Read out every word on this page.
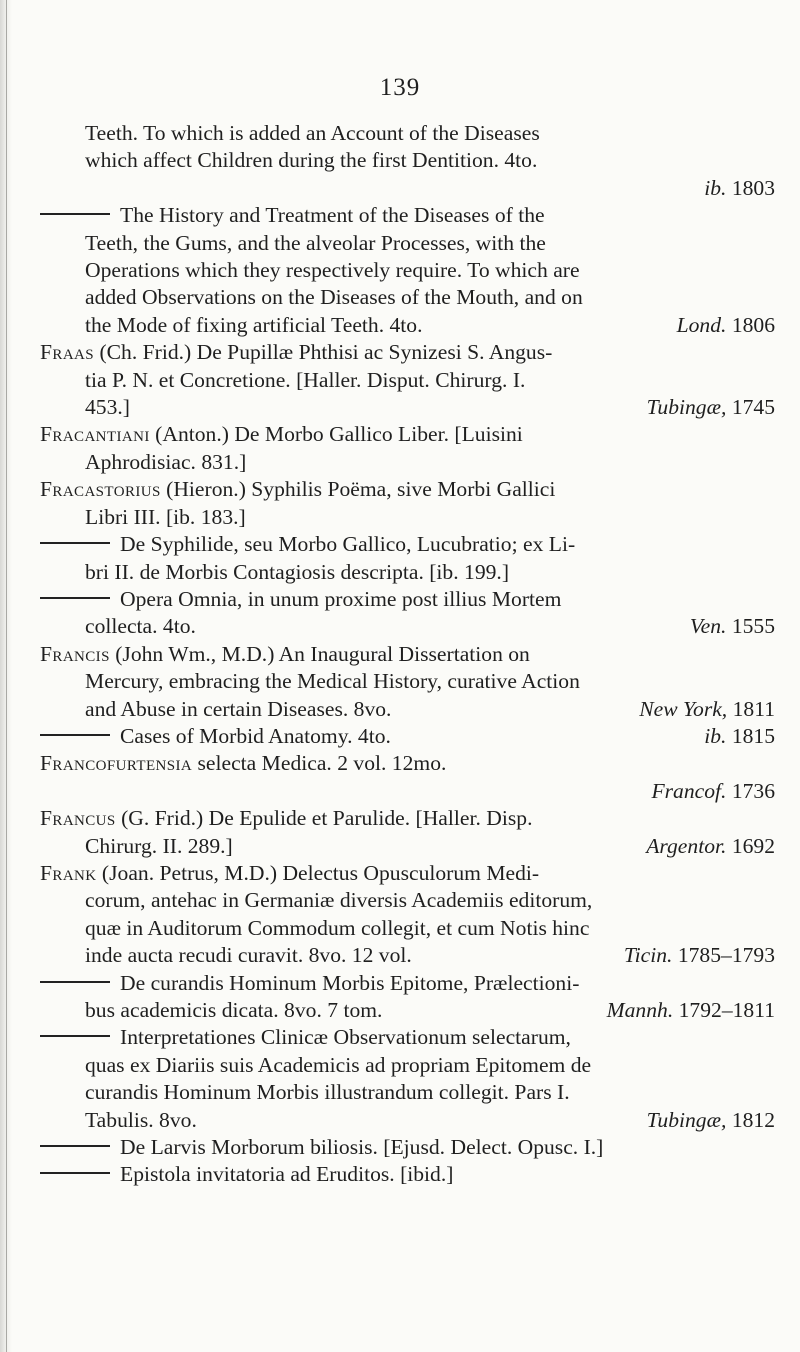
139
Teeth. To which is added an Account of the Diseases
which affect Children during the first Dentition. 4to.
ib. 1803
The History and Treatment of the Diseases of the
Teeth, the Gums, and the alveolar Processes, with the
Operations which they respectively require. To which are
added Observations on the Diseases of the Mouth, and on
the Mode of fixing artificial Teeth. 4to.	Lond. 1806
Fraas (Ch. Frid.) De Pupillæ Phthisi ac Synizesi S. Angus-
tia P. N. et Concretione. [Haller. Disput. Chirurg. I.
453.]	Tubingæ, 1745
Fracantiani (Anton.) De Morbo Gallico Liber. [Luisini
Aphrodisiac. 831.]
Fracastorius (Hieron.) Syphilis Poëma, sive Morbi Gallici
Libri III. [ib. 183.]
De Syphilide, seu Morbo Gallico, Lucubratio; ex Li-
bri II. de Morbis Contagiosis descripta. [ib. 199.]
Opera Omnia, in unum proxime post illius Mortem
collecta. 4to.	Ven. 1555
Francis (John Wm., M.D.) An Inaugural Dissertation on
Mercury, embracing the Medical History, curative Action
and Abuse in certain Diseases. 8vo.	New York, 1811
Cases of Morbid Anatomy. 4to.	ib. 1815
Francofurtensia selecta Medica. 2 vol. 12mo.
Francof. 1736
Francus (G. Frid.) De Epulide et Parulide. [Haller. Disp.
Chirurg. II. 289.]	Argentor. 1692
Frank (Joan. Petrus, M.D.) Delectus Opusculorum Medi-
corum, antehac in Germaniæ diversis Academiis editorum,
quæ in Auditorum Commodum collegit, et cum Notis hinc
inde aucta recudi curavit. 8vo. 12 vol.	Ticin. 1785–1793
De curandis Hominum Morbis Epitome, Prælectioni-
bus academicis dicata. 8vo. 7 tom.	Mannh. 1792–1811
Interpretationes Clinicæ Observationum selectarum,
quas ex Diariis suis Academicis ad propriam Epitomem de
curandis Hominum Morbis illustrandum collegit. Pars I.
Tabulis. 8vo.	Tubingæ, 1812
De Larvis Morborum biliosis. [Ejusd. Delect. Opusc. I.]
Epistola invitatoria ad Eruditos. [ibid.]
